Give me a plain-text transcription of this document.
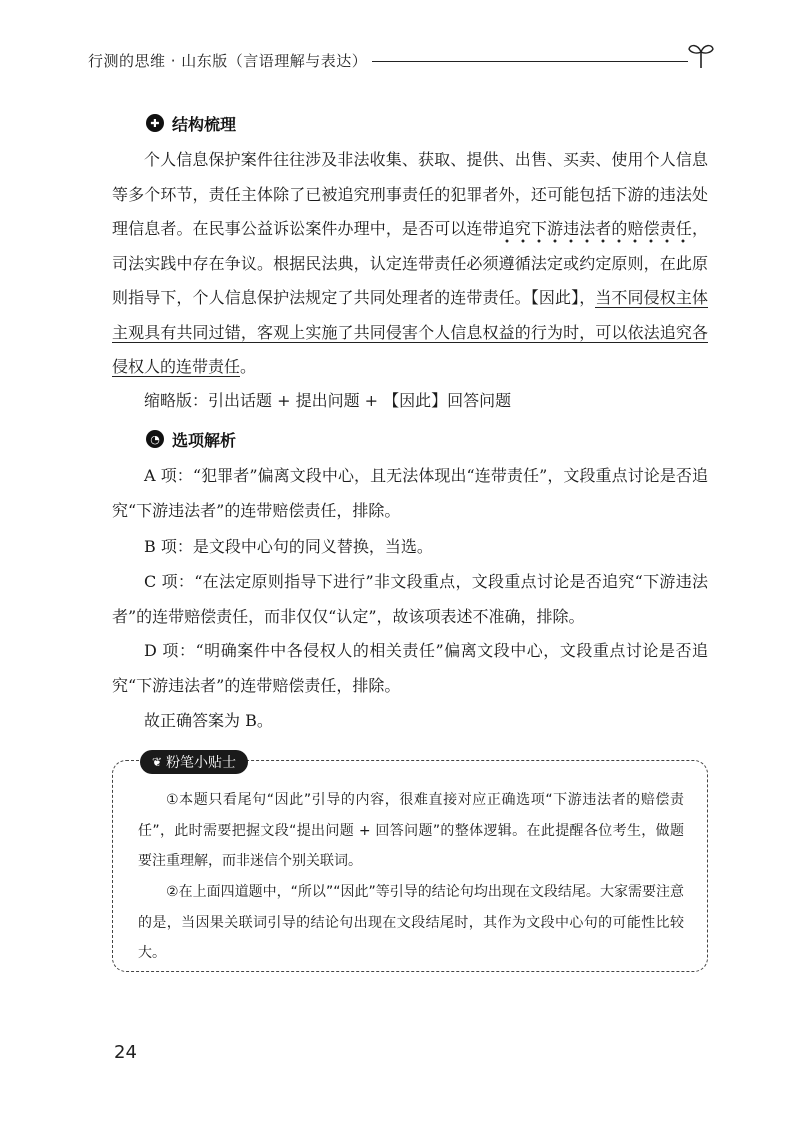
行测的思维 · 山东版（言语理解与表达）
✚ 结构梳理
个人信息保护案件往往涉及非法收集、获取、提供、出售、买卖、使用个人信息等多个环节，责任主体除了已被追究刑事责任的犯罪者外，还可能包括下游的违法处理信息者。在民事公益诉讼案件办理中，是否可以连带追究下游违法者的赔偿责任，司法实践中存在争议。根据民法典，认定连带责任必须遵循法定或约定原则，在此原则指导下，个人信息保护法规定了共同处理者的连带责任。【因此】，当不同侵权主体主观具有共同过错，客观上实施了共同侵害个人信息权益的行为时，可以依法追究各侵权人的连带责任。
缩略版：引出话题 + 提出问题 + 【因此】回答问题
◔ 选项解析
A 项：“犯罪者”偏离文段中心，且无法体现出“连带责任”，文段重点讨论是否追究“下游违法者”的连带赔偿责任，排除。
B 项：是文段中心句的同义替换，当选。
C 项：“在法定原则指导下进行”非文段重点，文段重点讨论是否追究“下游违法者”的连带赔偿责任，而非仅仅“认定”，故该项表述不准确，排除。
D 项：“明确案件中各侵权人的相关责任”偏离文段中心，文段重点讨论是否追究“下游违法者”的连带赔偿责任，排除。
故正确答案为 B。
❦ 粉笔小贴士
①本题只看尾句“因此”引导的内容，很难直接对应正确选项“下游违法者的赔偿责任”，此时需要把握文段“提出问题 + 回答问题”的整体逻辑。在此提醒各位考生，做题要注重理解，而非迷信个别关联词。
②在上面四道题中，“所以”“因此”等引导的结论句均出现在文段结尾。大家需要注意的是，当因果关联词引导的结论句出现在文段结尾时，其作为文段中心句的可能性比较大。
24
